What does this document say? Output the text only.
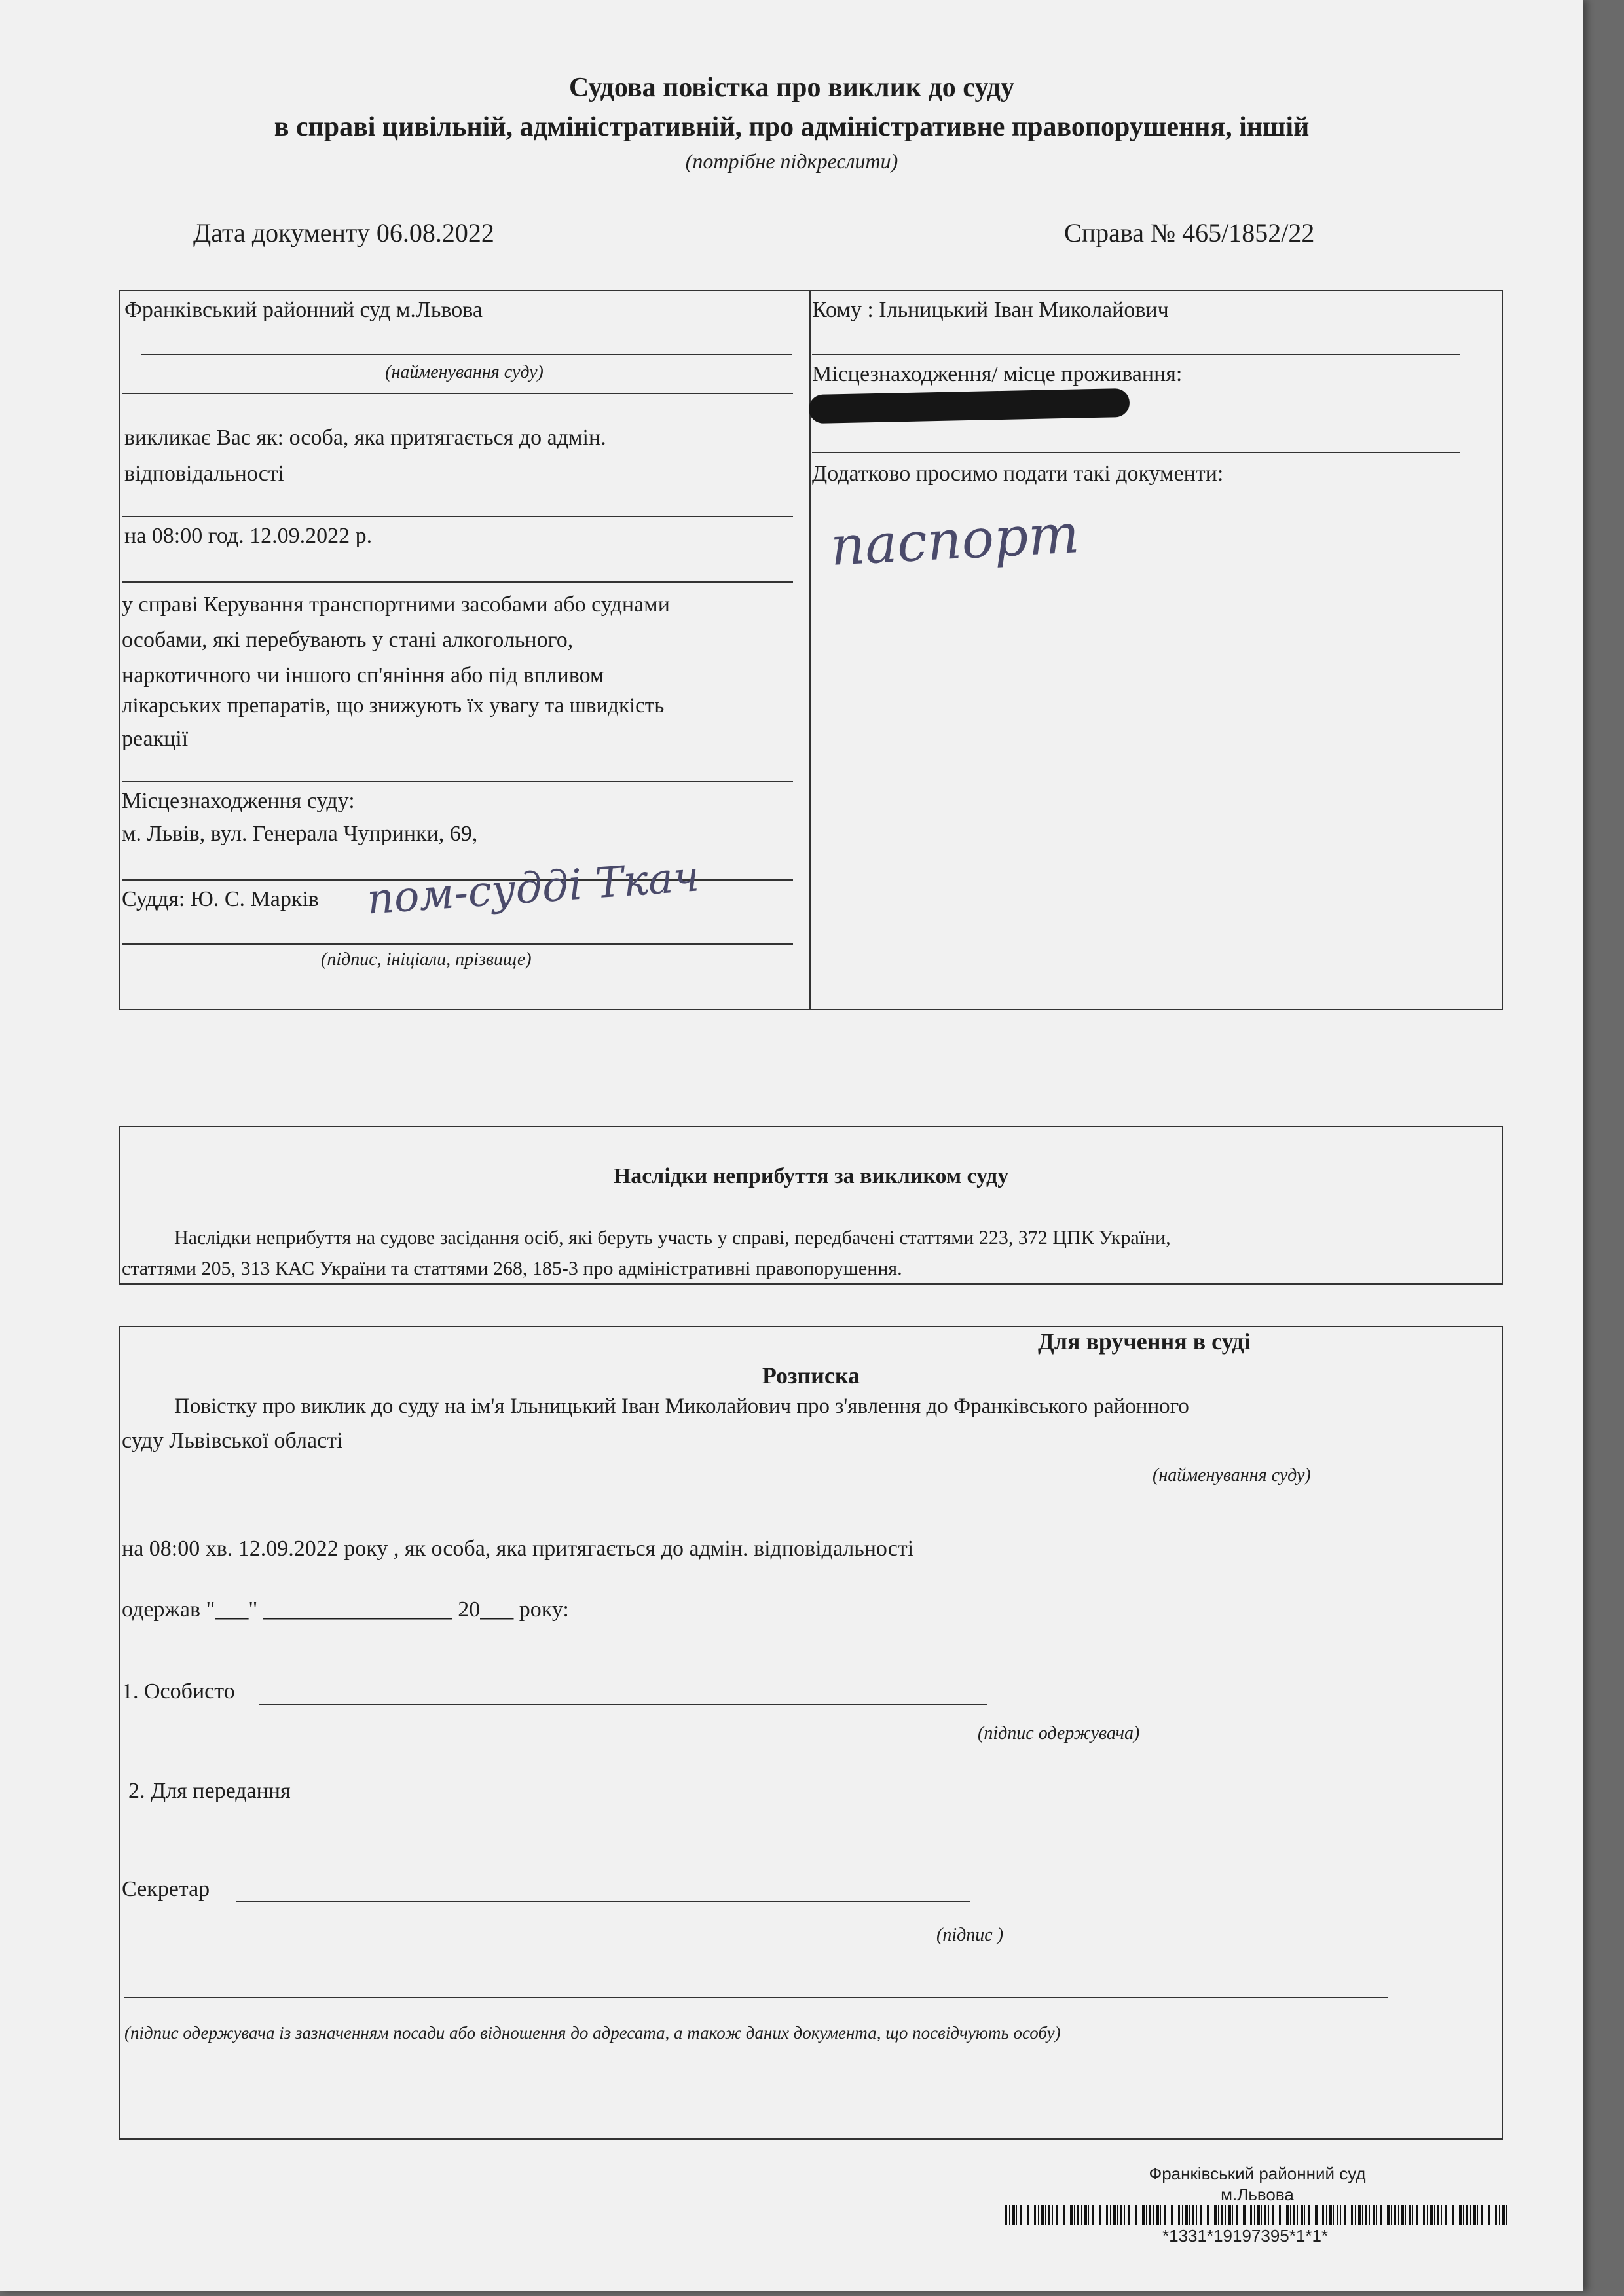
Судова повістка про виклик до суду
в справі цивільній, адміністративній, про адміністративне правопорушення, іншій
(потрібне підкреслити)
Дата документу 06.08.2022	Справа № 465/1852/22
Франківський районний суд м.Львова
(найменування суду)
викликає Вас як: особа, яка притягається до адмін.
відповідальності
на 08:00 год. 12.09.2022 р.
у справі Керування транспортними засобами або суднами
особами, які перебувають у стані алкогольного,
наркотичного чи іншого сп'яніння або під впливом
лікарських препаратів, що знижують їх увагу та швидкість
реакції
Місцезнаходження суду:
м. Львів, вул. Генерала Чупринки, 69,
Суддя: Ю. С. Марків пом-судді Ткач
(підпис, ініціали, прізвище)
Кому : Ільницький Іван Миколайович
Місцезнаходження/ місце проживання:
Додатково просимо подати такі документи:
паспорт
Наслідки неприбуття за викликом суду
Наслідки неприбуття на судове засідання осіб, які беруть участь у справі, передбачені статтями 223, 372 ЦПК України,
статтями 205, 313 КАС України та статтями 268, 185-3 про адміністративні правопорушення.
Для вручення в суді
Розписка
Повістку про виклик до суду на ім'я Ільницький Іван Миколайович про з'явлення до Франківського районного
суду Львівської області
(найменування суду)
на 08:00 хв. 12.09.2022 року , як особа, яка притягається до адмін. відповідальності
одержав "___" _________________ 20___ року:
1. Особисто
(підпис одержувача)
2. Для передання
Секретар
(підпис )
(підпис одержувача із зазначенням посади або відношення до адресата, а також даних документа, що посвідчують особу)
Франківський районний суд
м.Львова
*1331*19197395*1*1*
